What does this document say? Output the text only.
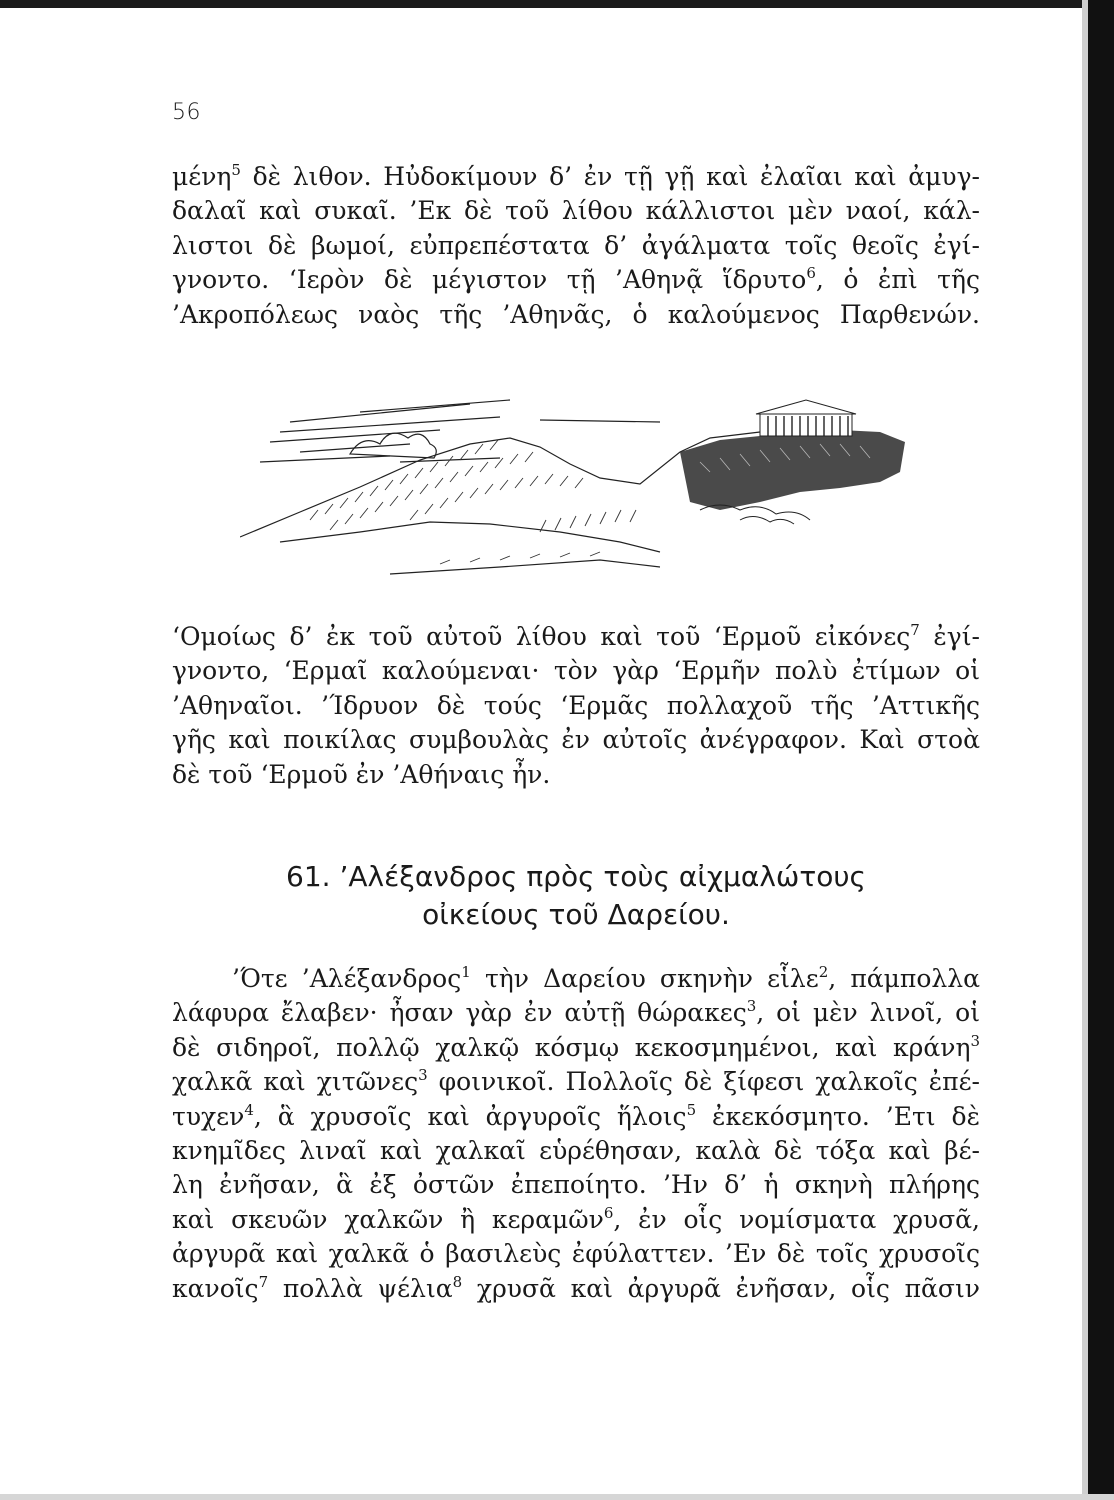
56

μένη$^5$ δὲ λιθον. Ηὐδοκίμουν δ’ ἐν τῇ γῇ καὶ ἐλαῖαι καὶ ἀμυγ-
δαλαῖ καὶ συκαῖ. ’Εκ δὲ τοῦ λίθου κάλλιστοι μὲν ναοί, κάλ-
λιστοι δὲ βωμοί, εὐπρεπέστατα δ’ ἀγάλματα τοῖς θεοῖς ἐγί-
γνοντο. ‘Ιερὸν δὲ μέγιστον τῇ ’Αθηνᾷ ἵδρυτο$^6$, ὁ ἐπὶ τῆς
’Ακροπόλεως ναὸς τῆς ’Αθηνᾶς, ὁ καλούμενος Παρθενών.

‘Ομοίως δ’ ἐκ τοῦ αὐτοῦ λίθου καὶ τοῦ ‘Ερμοῦ εἰκόνες$^7$ ἐγί-
γνοντο, ‘Ερμαῖ καλούμεναι· τὸν γὰρ ‘Ερμῆν πολὺ ἐτίμων οἱ
’Αθηναῖοι. ’Ίδρυον δὲ τούς ‘Ερμᾶς πολλαχοῦ τῆς ’Αττικῆς
γῆς καὶ ποικίλας συμβουλὰς ἐν αὐτοῖς ἀνέγραφον. Καὶ στοὰ
δὲ τοῦ ‘Ερμοῦ ἐν ’Αθήναις ἦν.

61. ’Αλέξανδρος πρὸς τοὺς αἰχμαλώτους
οἰκείους τοῦ Δαρείου.

’Ότε ’Αλέξανδρος$^1$ τὴν Δαρείου σκηνὴν εἷλε$^2$, πάμπολλα
λάφυρα ἔλαβεν· ἦσαν γὰρ ἐν αὐτῇ θώρακες$^3$, οἱ μὲν λινοῖ, οἱ
δὲ σιδηροῖ, πολλῷ χαλκῷ κόσμῳ κεκοσμημένοι, καὶ κράνη$^3$
χαλκᾶ καὶ χιτῶνες$^3$ φοινικοῖ. Πολλοῖς δὲ ξίφεσι χαλκοῖς ἐπέ-
τυχεν$^4$, ἃ χρυσοῖς καὶ ἀργυροῖς ἥλοις$^5$ ἐκεκόσμητο. ’Ετι δὲ
κνημῖδες λιναῖ καὶ χαλκαῖ εὑρέθησαν, καλὰ δὲ τόξα καὶ βέ-
λη ἐνῆσαν, ἃ ἐξ ὀστῶν ἐπεποίητο. ’Ην δ’ ἡ σκηνὴ πλήρης
καὶ σκευῶν χαλκῶν ἢ κεραμῶν$^6$, ἐν οἷς νομίσματα χρυσᾶ,
ἀργυρᾶ καὶ χαλκᾶ ὁ βασιλεὺς ἐφύλαττεν. ’Εν δὲ τοῖς χρυσοῖς
κανοῖς$^7$ πολλὰ ψέλια$^8$ χρυσᾶ καὶ ἀργυρᾶ ἐνῆσαν, οἷς πᾶσιν
